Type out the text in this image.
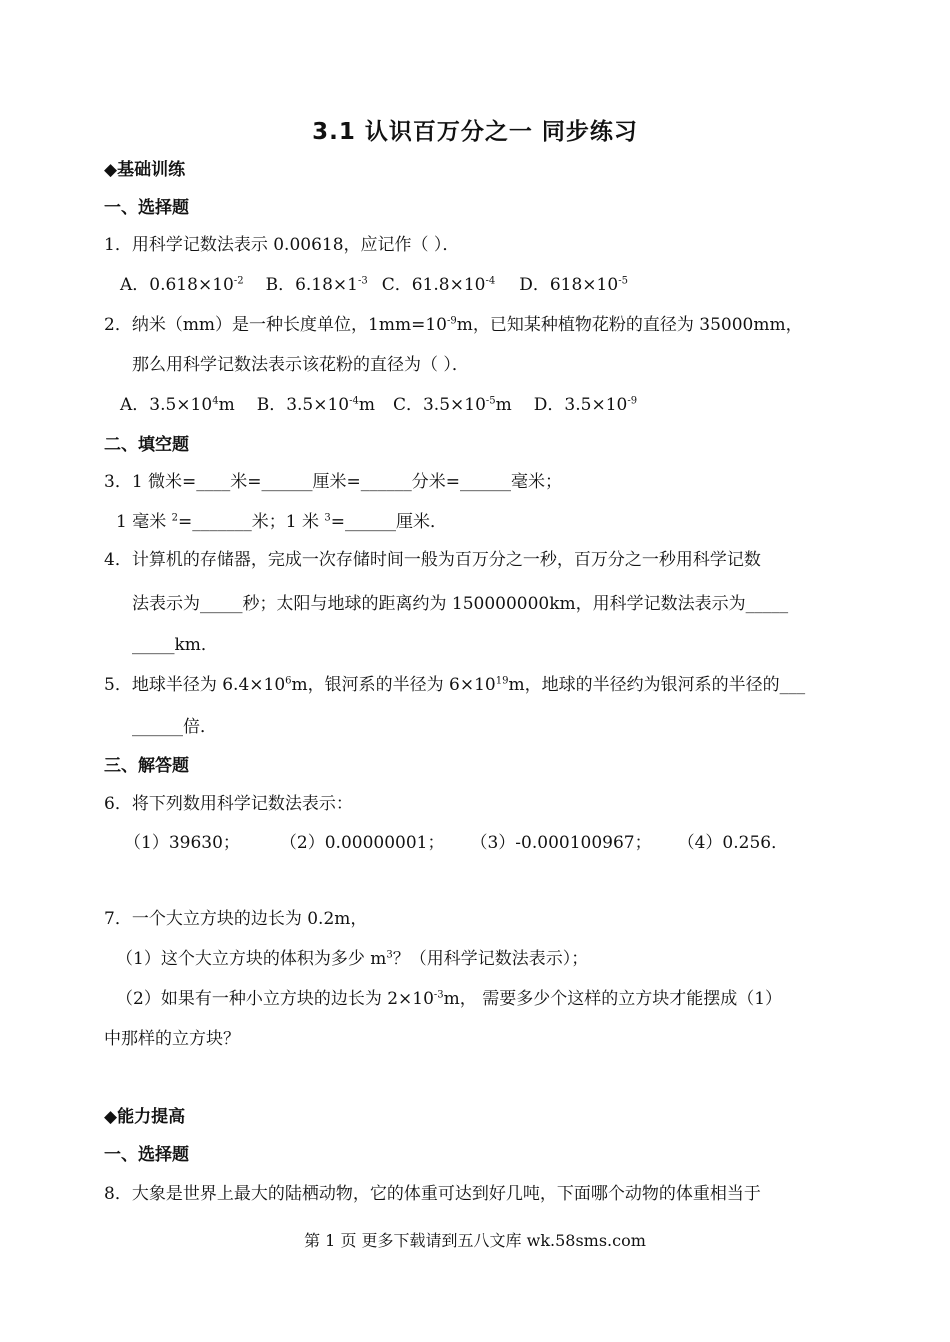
3.1 认识百万分之一 同步练习
◆基础训练
一、选择题
1．用科学记数法表示 0.00618，应记作（ ）．
A．$0.618\times 10^{-2}$ B．$6.18\times 1^{-3}$ C．$61.8\times 10^{-4}$ D．$618\times 10^{-5}$
2．纳米（mm）是一种长度单位，$1mm=10^{-9}m$，已知某种植物花粉的直径为 35000mm，
那么用科学记数法表示该花粉的直径为（ ）．
A．$3.5\times 10^4m$ B．$3.5\times 10^{-4}m$ C．$3.5\times 10^{-5}m$ D．$3.5\times 10^{-9}$
二、填空题
3．1 微米=____米=______厘米=______分米=______毫米；
1 毫米 $^2$=_______米；1 米 $^3$=______厘米．
4．计算机的存储器，完成一次存储时间一般为百万分之一秒，百万分之一秒用科学记数
法表示为_____秒；太阳与地球的距离约为 150000000km，用科学记数法表示为_____
_____km．
5．地球半径为 $6.4\times 10^6m$，银河系的半径为 $6\times 10^{19}m$，地球的半径约为银河系的半径的___
______倍．
三、解答题
6．将下列数用科学记数法表示：
（1）39630； （2）0.00000001； （3）-0.000100967； （4）0.256．
7．一个大立方块的边长为 0.2m，
（1）这个大立方块的体积为多少 $m^3$？（用科学记数法表示）；
（2）如果有一种小立方块的边长为 $2\times 10^{-3}m$， 需要多少个这样的立方块才能摆成（1）
中那样的立方块？
◆能力提高
一、选择题
8．大象是世界上最大的陆栖动物，它的体重可达到好几吨，下面哪个动物的体重相当于
第 1 页 更多下载请到五八文库 wk.58sms.com
